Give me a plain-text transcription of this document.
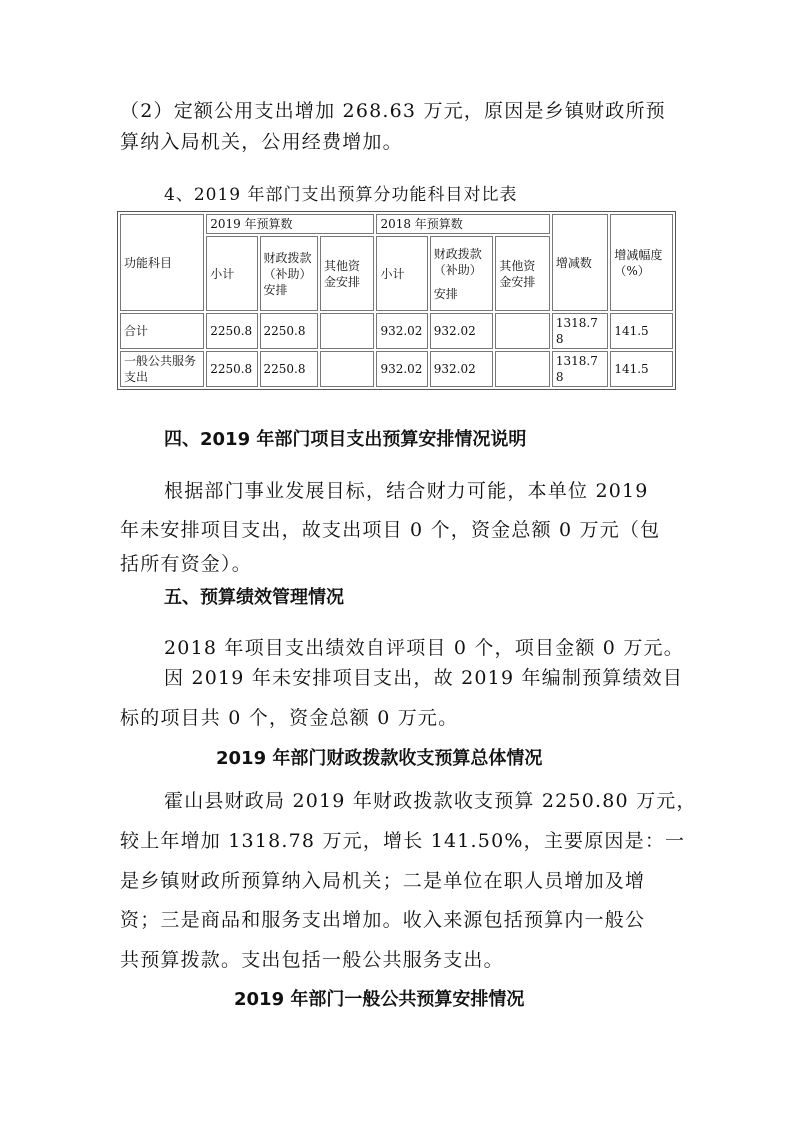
（2）定额公用支出增加 268.63 万元，原因是乡镇财政所预
算纳入局机关，公用经费增加。
4、2019 年部门支出预算分功能科目对比表
功能科目	2019 年预算数			2018 年预算数			增减数	增减幅度（%）
	小计	财政拨款（补助）安排	其他资金安排	小计	财政拨款（补助）
安排	其他资金安排		
合计	2250.8	2250.8		932.02	932.02		1318.78	141.5
一般公共服务支出	2250.8	2250.8		932.02	932.02		1318.78	141.5
四、2019 年部门项目支出预算安排情况说明
根据部门事业发展目标，结合财力可能，本单位 2019
年未安排项目支出，故支出项目 0 个，资金总额 0 万元（包
括所有资金）。
五、预算绩效管理情况
2018 年项目支出绩效自评项目 0 个，项目金额 0 万元。
因 2019 年未安排项目支出，故 2019 年编制预算绩效目
标的项目共 0 个，资金总额 0 万元。
2019 年部门财政拨款收支预算总体情况
霍山县财政局 2019 年财政拨款收支预算 2250.80 万元，
较上年增加 1318.78 万元，增长 141.50%，主要原因是：一
是乡镇财政所预算纳入局机关；二是单位在职人员增加及增
资；三是商品和服务支出增加。收入来源包括预算内一般公
共预算拨款。支出包括一般公共服务支出。
2019 年部门一般公共预算安排情况
